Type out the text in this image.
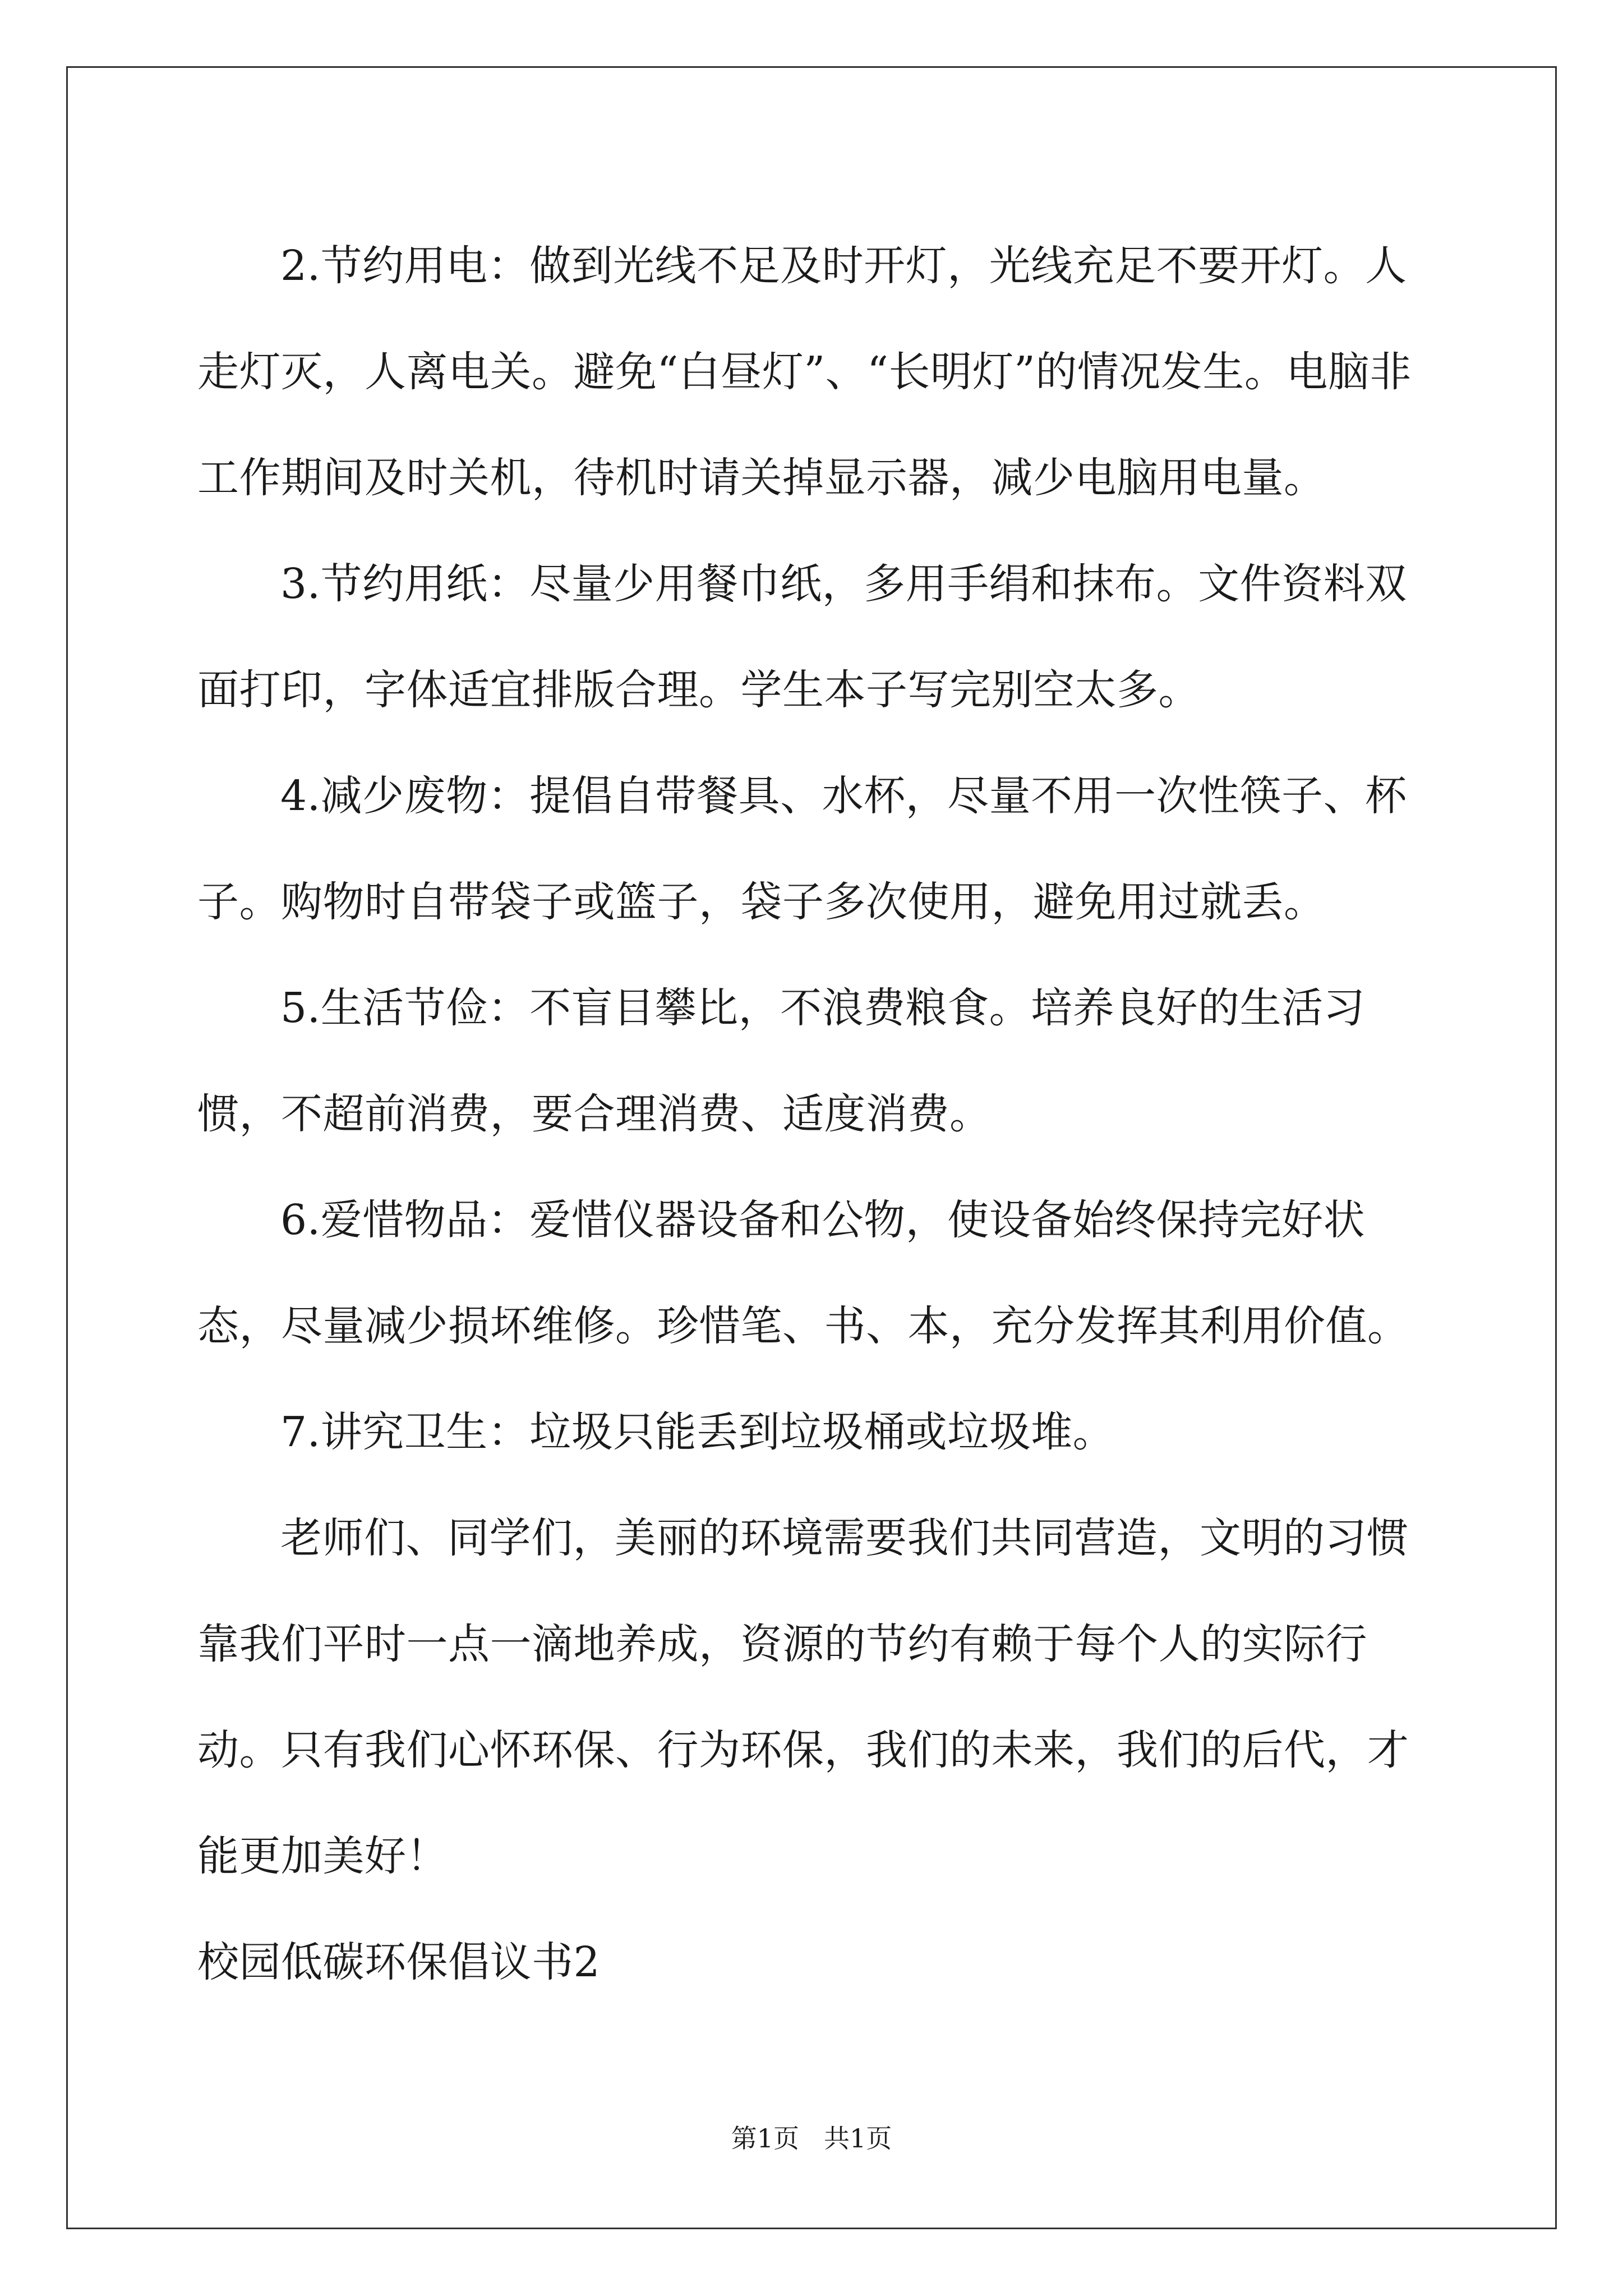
2.节约用电：做到光线不足及时开灯，光线充足不要开灯。人走灯灭，人离电关。避免“白昼灯”、“长明灯”的情况发生。电脑非工作期间及时关机，待机时请关掉显示器，减少电脑用电量。

3.节约用纸：尽量少用餐巾纸，多用手绢和抹布。文件资料双面打印，字体适宜排版合理。学生本子写完别空太多。

4.减少废物：提倡自带餐具、水杯，尽量不用一次性筷子、杯子。购物时自带袋子或篮子，袋子多次使用，避免用过就丢。

5.生活节俭：不盲目攀比，不浪费粮食。培养良好的生活习惯，不超前消费，要合理消费、适度消费。

6.爱惜物品：爱惜仪器设备和公物，使设备始终保持完好状态，尽量减少损坏维修。珍惜笔、书、本，充分发挥其利用价值。

7.讲究卫生：垃圾只能丢到垃圾桶或垃圾堆。

老师们、同学们，美丽的环境需要我们共同营造，文明的习惯靠我们平时一点一滴地养成，资源的节约有赖于每个人的实际行动。只有我们心怀环保、行为环保，我们的未来，我们的后代，才能更加美好！

校园低碳环保倡议书2

第1页 共1页
